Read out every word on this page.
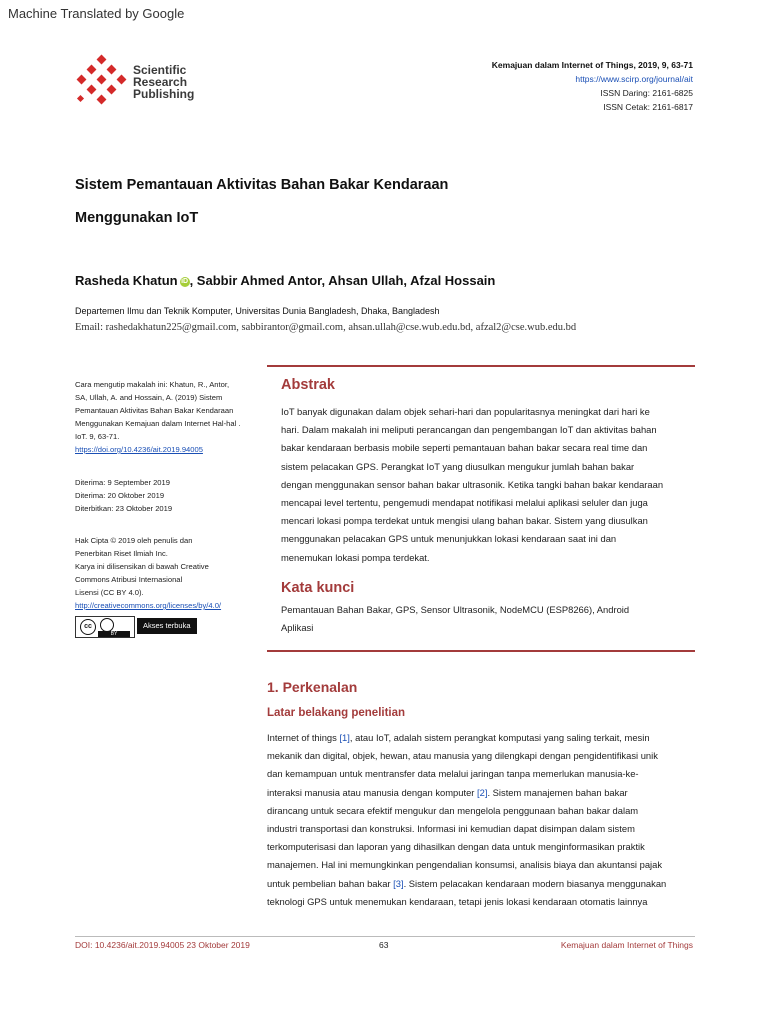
Machine Translated by Google
Scientific
Research
Publishing
Kemajuan dalam Internet of Things, 2019, 9, 63-71
https://www.scirp.org/journal/ait
ISSN Daring: 2161-6825
ISSN Cetak: 2161-6817
Sistem Pemantauan Aktivitas Bahan Bakar Kendaraan
Menggunakan IoT
Rasheda Khatun iD , Sabbir Ahmed Antor, Ahsan Ullah, Afzal Hossain
Departemen Ilmu dan Teknik Komputer, Universitas Dunia Bangladesh, Dhaka, Bangladesh
Email: rashedakhatun225@gmail.com, sabbirantor@gmail.com, ahsan.ullah@cse.wub.edu.bd, afzal2@cse.wub.edu.bd
Cara mengutip makalah ini: Khatun, R., Antor,
SA, Ullah, A. and Hossain, A. (2019) Sistem
Pemantauan Aktivitas Bahan Bakar Kendaraan
Menggunakan Kemajuan dalam Internet Hal-hal .
IoT. 9, 63-71.
https://doi.org/10.4236/ait.2019.94005
Diterima: 9 September 2019
Diterima: 20 Oktober 2019
Diterbitkan: 23 Oktober 2019
Hak Cipta © 2019 oleh penulis dan
Penerbitan Riset Ilmiah Inc.
Karya ini dilisensikan di bawah Creative
Commons Atribusi Internasional
Lisensi (CC BY 4.0).
http://creativecommons.org/licenses/by/4.0/
cc
BY
Akses terbuka
Abstrak
IoT banyak digunakan dalam objek sehari-hari dan popularitasnya meningkat dari hari ke
hari. Dalam makalah ini meliputi perancangan dan pengembangan IoT dan aktivitas bahan
bakar kendaraan berbasis mobile seperti pemantauan bahan bakar secara real time dan
sistem pelacakan GPS. Perangkat IoT yang diusulkan mengukur jumlah bahan bakar
dengan menggunakan sensor bahan bakar ultrasonik. Ketika tangki bahan bakar kendaraan
mencapai level tertentu, pengemudi mendapat notifikasi melalui aplikasi seluler dan juga
mencari lokasi pompa terdekat untuk mengisi ulang bahan bakar. Sistem yang diusulkan
menggunakan pelacakan GPS untuk menunjukkan lokasi kendaraan saat ini dan
menemukan lokasi pompa terdekat.
Kata kunci
Pemantauan Bahan Bakar, GPS, Sensor Ultrasonik, NodeMCU (ESP8266), Android
Aplikasi
1. Perkenalan
Latar belakang penelitian
Internet of things [1], atau IoT, adalah sistem perangkat komputasi yang saling terkait, mesin
mekanik dan digital, objek, hewan, atau manusia yang dilengkapi dengan pengidentifikasi unik
dan kemampuan untuk mentransfer data melalui jaringan tanpa memerlukan manusia-ke-
interaksi manusia atau manusia dengan komputer [2]. Sistem manajemen bahan bakar
dirancang untuk secara efektif mengukur dan mengelola penggunaan bahan bakar dalam
industri transportasi dan konstruksi. Informasi ini kemudian dapat disimpan dalam sistem
terkomputerisasi dan laporan yang dihasilkan dengan data untuk menginformasikan praktik
manajemen. Hal ini memungkinkan pengendalian konsumsi, analisis biaya dan akuntansi pajak
untuk pembelian bahan bakar [3]. Sistem pelacakan kendaraan modern biasanya menggunakan
teknologi GPS untuk menemukan kendaraan, tetapi jenis lokasi kendaraan otomatis lainnya
DOI: 10.4236/ait.2019.94005 23 Oktober 2019	63	Kemajuan dalam Internet of Things
